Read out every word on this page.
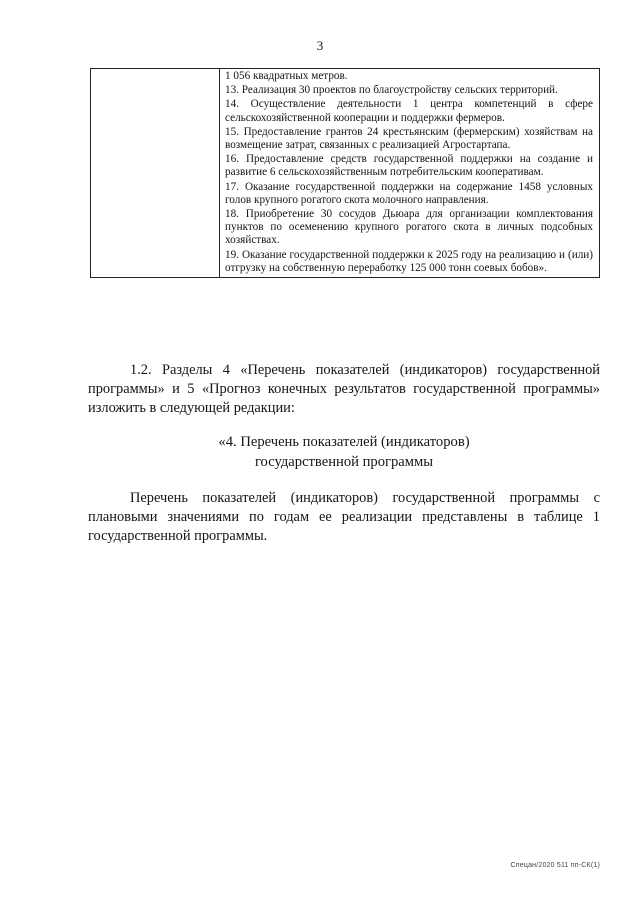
3

1 056 квадратных метров.
13. Реализация 30 проектов по благоустройству сельских территорий.
14. Осуществление деятельности 1 центра компетенций в сфере сельскохозяйственной кооперации и поддержки фермеров.
15. Предоставление грантов 24 крестьянским (фермерским) хозяйствам на возмещение затрат, связанных с реализацией Агростартапа.
16. Предоставление средств государственной поддержки на создание и развитие 6 сельскохозяйственным потребительским кооперативам.
17. Оказание государственной поддержки на содержание 1458 условных голов крупного рогатого скота молочного направления.
18. Приобретение 30 сосудов Дьюара для организации комплектования пунктов по осеменению крупного рогатого скота в личных подсобных хозяйствах.
19. Оказание государственной поддержки к 2025 году на реализацию и (или) отгрузку на собственную переработку 125 000 тонн соевых бобов».

1.2. Разделы 4 «Перечень показателей (индикаторов) государственной программы» и 5 «Прогноз конечных результатов государственной программы» изложить в следующей редакции:

«4. Перечень показателей (индикаторов)
государственной программы

Перечень показателей (индикаторов) государственной программы с плановыми значениями по годам ее реализации представлены в таблице 1 государственной программы.

Спецан/2020 511 пп-СК(1)
